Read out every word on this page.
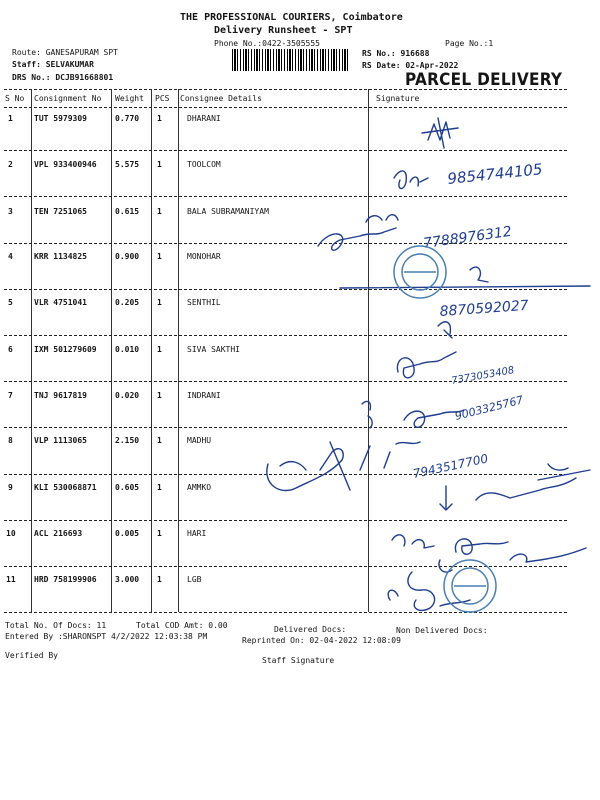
THE PROFESSIONAL COURIERS, Coimbatore
Delivery Runsheet - SPT
Phone No.:0422-3505555	Page No.:1
Route: GANESAPURAM SPT
Staff: SELVAKUMAR
DRS No.: DCJB91668801
RS No.: 916688
RS Date: 02-Apr-2022
PARCEL DELIVERY
S No Consignment No Weight PCS Consignee Details	Signature
1	TUT 5979309	0.770 1	DHARANI
2	VPL 933400946 5.575 1	TOOLCOM
3	TEN 7251065	0.615 1	BALA SUBRAMANIYAM
4	KRR 1134825	0.900 1	MONOHAR
5	VLR 4751041	0.205 1	SENTHIL
6	IXM 501279609 0.010 1	SIVA SAKTHI
7	TNJ 9617819	0.020 1	INDRANI
8	VLP 1113065	2.150 1	MADHU
9	KLI 530068871 0.605 1	AMMKO
10 ACL 216693	0.005 1	HARI
11 HRD 758199906 3.000 1	LGB
9854744105
7788976312
8870592027
7373053408
9003325767
7943517700
Total No. Of Docs: 11	Total COD Amt: 0.00	Delivered Docs:	Non Delivered Docs:
Entered By :SHARONSPT 4/2/2022 12:03:38 PM	Reprinted On: 02-04-2022 12:08:09
Verified By
Staff Signature
